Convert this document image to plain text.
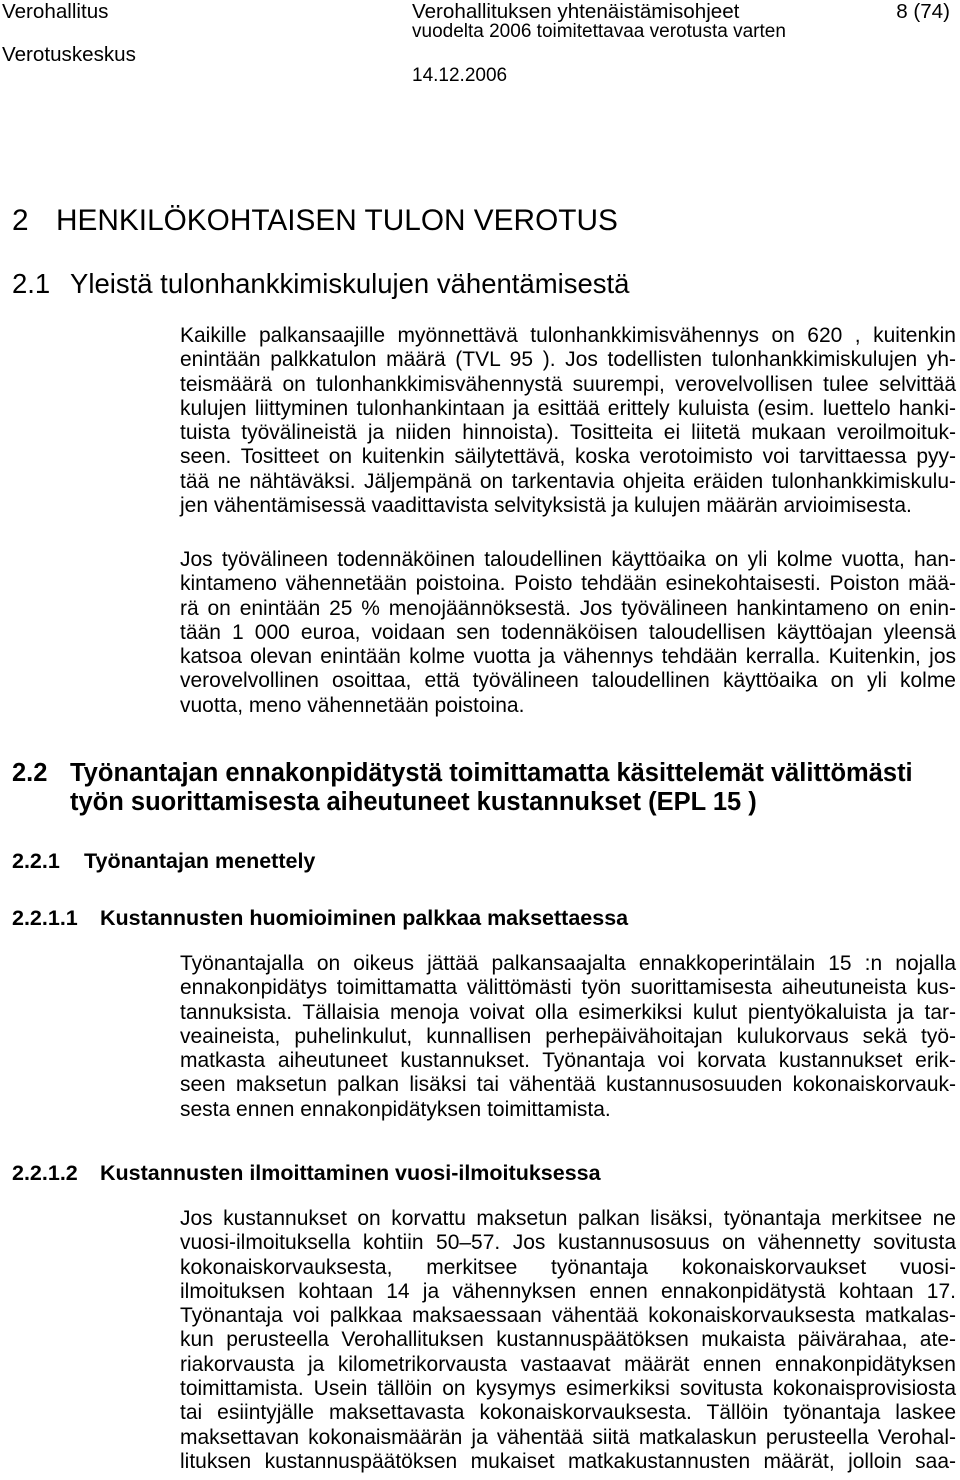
Verohallitus	Verohallituksen yhtenäistämisohjeet	8 (74)
vuodelta 2006 toimitettavaa verotusta varten
Verotuskeskus
14.12.2006
2 HENKILÖKOHTAISEN TULON VEROTUS
2.1 Yleistä tulonhankkimiskulujen vähentämisestä
Kaikille palkansaajille myönnettävä tulonhankkimisvähennys on 620 , kuitenkin
enintään palkkatulon määrä (TVL 95 ). Jos todellisten tulonhankkimiskulujen yh-
teismäärä on tulonhankkimisvähennystä suurempi, verovelvollisen tulee selvittää
kulujen liittyminen tulonhankintaan ja esittää erittely kuluista (esim. luettelo hanki-
tuista työvälineistä ja niiden hinnoista). Tositteita ei liitetä mukaan veroilmoituk-
seen. Tositteet on kuitenkin säilytettävä, koska verotoimisto voi tarvittaessa pyy-
tää ne nähtäväksi. Jäljempänä on tarkentavia ohjeita eräiden tulonhankkimiskulu-
jen vähentämisessä vaadittavista selvityksistä ja kulujen määrän arvioimisesta.
Jos työvälineen todennäköinen taloudellinen käyttöaika on yli kolme vuotta, han-
kintameno vähennetään poistoina. Poisto tehdään esinekohtaisesti. Poiston mää-
rä on enintään 25 % menojäännöksestä. Jos työvälineen hankintameno on enin-
tään 1 000 euroa, voidaan sen todennäköisen taloudellisen käyttöajan yleensä
katsoa olevan enintään kolme vuotta ja vähennys tehdään kerralla. Kuitenkin, jos
verovelvollinen osoittaa, että työvälineen taloudellinen käyttöaika on yli kolme
vuotta, meno vähennetään poistoina.
2.2 Työnantajan ennakonpidätystä toimittamatta käsittelemät välittömästi
työn suorittamisesta aiheutuneet kustannukset (EPL 15 )
2.2.1 Työnantajan menettely
2.2.1.1 Kustannusten huomioiminen palkkaa maksettaessa
Työnantajalla on oikeus jättää palkansaajalta ennakkoperintälain 15 :n nojalla
ennakonpidätys toimittamatta välittömästi työn suorittamisesta aiheutuneista kus-
tannuksista. Tällaisia menoja voivat olla esimerkiksi kulut pientyökaluista ja tar-
veaineista, puhelinkulut, kunnallisen perhepäivähoitajan kulukorvaus sekä työ-
matkasta aiheutuneet kustannukset. Työnantaja voi korvata kustannukset erik-
seen maksetun palkan lisäksi tai vähentää kustannusosuuden kokonaiskorvauk-
sesta ennen ennakonpidätyksen toimittamista.
2.2.1.2 Kustannusten ilmoittaminen vuosi-ilmoituksessa
Jos kustannukset on korvattu maksetun palkan lisäksi, työnantaja merkitsee ne
vuosi-ilmoituksella kohtiin 50–57. Jos kustannusosuus on vähennetty sovitusta
kokonaiskorvauksesta, merkitsee työnantaja kokonaiskorvaukset vuosi-
ilmoituksen kohtaan 14 ja vähennyksen ennen ennakonpidätystä kohtaan 17.
Työnantaja voi palkkaa maksaessaan vähentää kokonaiskorvauksesta matkalas-
kun perusteella Verohallituksen kustannuspäätöksen mukaista päivärahaa, ate-
riakorvausta ja kilometrikorvausta vastaavat määrät ennen ennakonpidätyksen
toimittamista. Usein tällöin on kysymys esimerkiksi sovitusta kokonaisprovisiosta
tai esiintyjälle maksettavasta kokonaiskorvauksesta. Tällöin työnantaja laskee
maksettavan kokonaismäärän ja vähentää siitä matkalaskun perusteella Verohal-
lituksen kustannuspäätöksen mukaiset matkakustannusten määrät, jolloin saa-
